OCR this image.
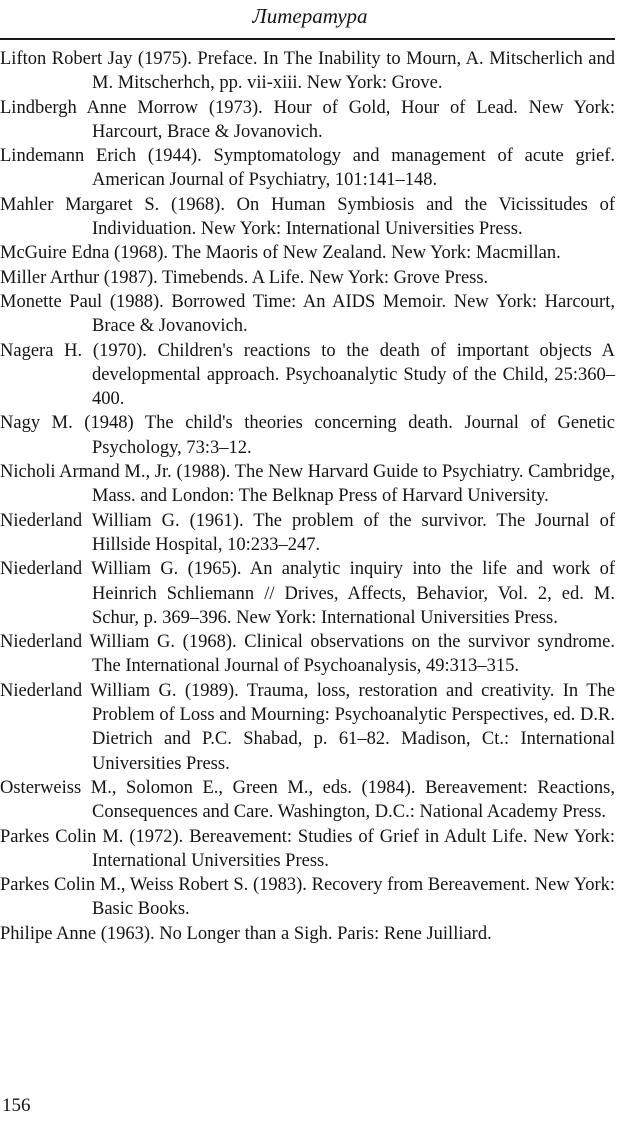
Литература
Lifton Robert Jay (1975). Preface. In The Inability to Mourn, A. Mitscherlich and M. Mitscherhch, pp. vii-xiii. New York: Grove.
Lindbergh Anne Morrow (1973). Hour of Gold, Hour of Lead. New York: Harcourt, Brace & Jovanovich.
Lindemann Erich (1944). Symptomatology and management of acute grief. American Journal of Psychiatry, 101:141–148.
Mahler Margaret S. (1968). On Human Symbiosis and the Vicissitudes of Individuation. New York: International Universities Press.
McGuire Edna (1968). The Maoris of New Zealand. New York: Macmillan.
Miller Arthur (1987). Timebends. A Life. New York: Grove Press.
Monette Paul (1988). Borrowed Time: An AIDS Memoir. New York: Harcourt, Brace & Jovanovich.
Nagera H. (1970). Children's reactions to the death of important objects A developmental approach. Psychoanalytic Study of the Child, 25:360–400.
Nagy M. (1948) The child's theories concerning death. Journal of Genetic Psychology, 73:3–12.
Nicholi Armand M., Jr. (1988). The New Harvard Guide to Psychiatry. Cambridge, Mass. and London: The Belknap Press of Harvard University.
Niederland William G. (1961). The problem of the survivor. The Journal of Hillside Hospital, 10:233–247.
Niederland William G. (1965). An analytic inquiry into the life and work of Heinrich Schliemann // Drives, Affects, Behavior, Vol. 2, ed. M. Schur, p. 369–396. New York: International Universities Press.
Niederland William G. (1968). Clinical observations on the survivor syndrome. The International Journal of Psychoanalysis, 49:313–315.
Niederland William G. (1989). Trauma, loss, restoration and creativity. In The Problem of Loss and Mourning: Psychoanalytic Perspectives, ed. D.R. Dietrich and P.C. Shabad, p. 61–82. Madison, Ct.: International Universities Press.
Osterweiss M., Solomon E., Green M., eds. (1984). Bereavement: Reactions, Consequences and Care. Washington, D.C.: National Academy Press.
Parkes Colin M. (1972). Bereavement: Studies of Grief in Adult Life. New York: International Universities Press.
Parkes Colin M., Weiss Robert S. (1983). Recovery from Bereavement. New York: Basic Books.
Philipe Anne (1963). No Longer than a Sigh. Paris: Rene Juilliard.
156
